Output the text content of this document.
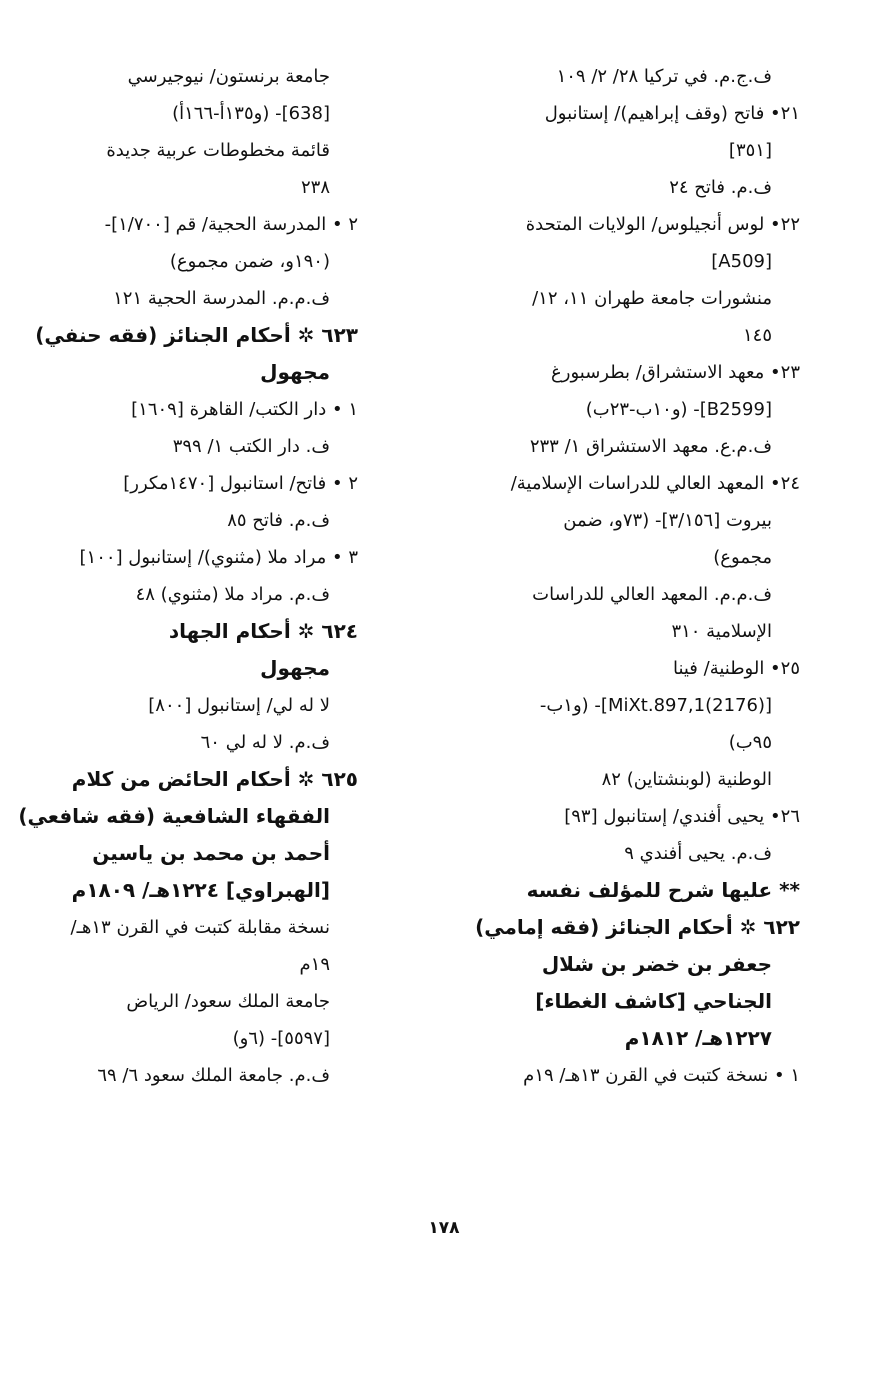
ف.ج.م. في تركيا ٢٨/ ٢/ ١٠٩
٢١• فاتح (وقف إبراهيم)/ إستانبول
[٣٥١]
ف.م. فاتح ٢٤
٢٢• لوس أنجيلوس/ الولايات المتحدة
[A509]
منشورات جامعة طهران ١١، ١٢/
١٤٥
٢٣• معهد الاستشراق/ بطرسبورغ
[B2599]- (و١٠ب-٢٣ب)
ف.م.ع. معهد الاستشراق ١/ ٢٣٣
٢٤• المعهد العالي للدراسات الإسلامية/
بيروت [٣/١٥٦]- (٧٣و، ضمن
مجموع)
ف.م.م. المعهد العالي للدراسات
الإسلامية ٣١٠
٢٥• الوطنية/ فينا
[(2176)MiXt.897,1]- (و١ب-
٩٥ب)
الوطنية (لوبنشتاين) ٨٢
٢٦• يحيى أفندي/ إستانبول [٩٣]
ف.م. يحيى أفندي ٩
** عليها شرح للمؤلف نفسه
٦٢٢ ✲ أحكام الجنائز (فقه إمامي)
جعفر بن خضر بن شلال
الجناحي [كاشف الغطاء]
١٢٢٧هـ/ ١٨١٢م
١ • نسخة كتبت في القرن ١٣هـ/ ١٩م
جامعة برنستون/ نيوجيرسي
[638]- (و١٣٥أ-١٦٦أ)
قائمة مخطوطات عربية جديدة
٢٣٨
٢ • المدرسة الحجية/ قم [١/٧٠٠]-
(١٩٠و، ضمن مجموع)
ف.م.م. المدرسة الحجية ١٢١
٦٢٣ ✲ أحكام الجنائز (فقه حنفي)
مجهول
١ • دار الكتب/ القاهرة [١٦٠٩]
ف. دار الكتب ١/ ٣٩٩
٢ • فاتح/ استانبول [١٤٧٠مكرر]
ف.م. فاتح ٨٥
٣ • مراد ملا (مثنوي)/ إستانبول [١٠٠]
ف.م. مراد ملا (مثنوي) ٤٨
٦٢٤ ✲ أحكام الجهاد
مجهول
لا له لي/ إستانبول [٨٠٠]
ف.م. لا له لي ٦٠
٦٢٥ ✲ أحكام الحائض من كلام
الفقهاء الشافعية (فقه شافعي)
أحمد بن محمد بن ياسين
[الهبراوي] ١٢٢٤هـ/ ١٨٠٩م
نسخة مقابلة كتبت في القرن ١٣هـ/
١٩م
جامعة الملك سعود/ الرياض
[٥٥٩٧]- (٦و)
ف.م. جامعة الملك سعود ٦/ ٦٩
١٧٨
